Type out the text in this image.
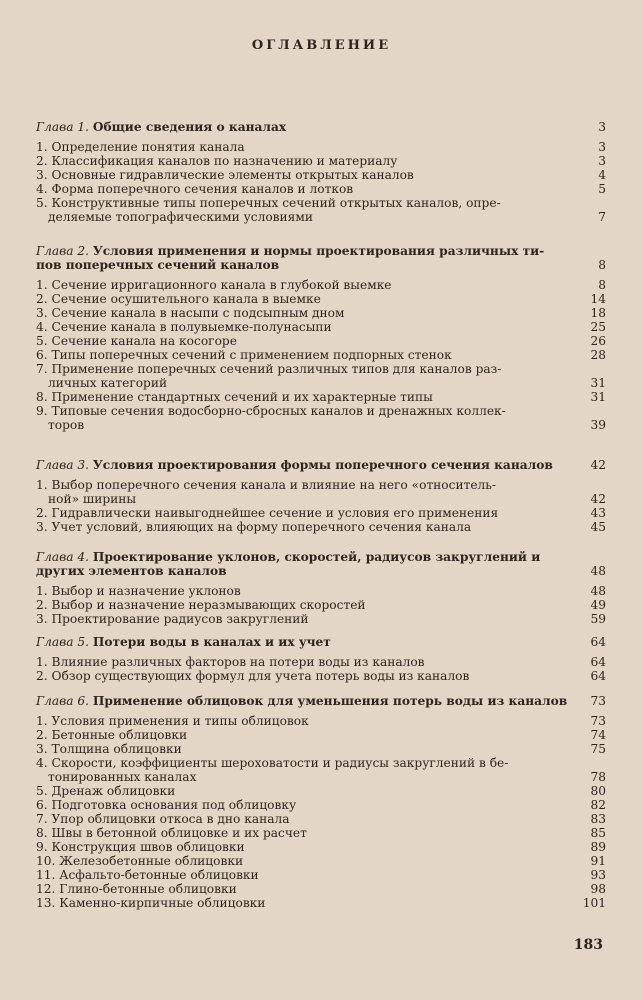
ОГЛАВЛЕНИЕ
Глава 1. Общие сведения о каналах	3
1. Определение понятия канала	3
2. Классификация каналов по назначению и материалу	3
3. Основные гидравлические элементы открытых каналов	4
4. Форма поперечного сечения каналов и лотков	5
5. Конструктивные типы поперечных сечений открытых каналов, опре-
деляемые топографическими условиями	7
Глава 2. Условия применения и нормы проектирования различных ти-
пов поперечных сечений каналов	8
1. Сечение ирригационного канала в глубокой выемке	8
2. Сечение осушительного канала в выемке	14
3. Сечение канала в насыпи с подсыпным дном	18
4. Сечение канала в полувыемке-полунасыпи	25
5. Сечение канала на косогоре	26
6. Типы поперечных сечений с применением подпорных стенок	28
7. Применение поперечных сечений различных типов для каналов раз-
личных категорий	31
8. Применение стандартных сечений и их характерные типы	31
9. Типовые сечения водосборно-сбросных каналов и дренажных коллек-
торов	39
Глава 3. Условия проектирования формы поперечного сечения каналов	42
1. Выбор поперечного сечения канала и влияние на него «относитель-
ной» ширины	42
2. Гидравлически наивыгоднейшее сечение и условия его применения	43
3. Учет условий, влияющих на форму поперечного сечения канала	45
Глава 4. Проектирование уклонов, скоростей, радиусов закруглений и
других элементов каналов	48
1. Выбор и назначение уклонов	48
2. Выбор и назначение неразмывающих скоростей	49
3. Проектирование радиусов закруглений	59
Глава 5. Потери воды в каналах и их учет	64
1. Влияние различных факторов на потери воды из каналов	64
2. Обзор существующих формул для учета потерь воды из каналов	64
Глава 6. Применение облицовок для уменьшения потерь воды из каналов 73
1. Условия применения и типы облицовок	73
2. Бетонные облицовки	74
3. Толщина облицовки	75
4. Скорости, коэффициенты шероховатости и радиусы закруглений в бе-
тонированных каналах	78
5. Дренаж облицовки	80
6. Подготовка основания под облицовку	82
7. Упор облицовки откоса в дно канала	83
8. Швы в бетонной облицовке и их расчет	85
9. Конструкция швов облицовки	89
10. Железобетонные облицовки	91
11. Асфальто-бетонные облицовки	93
12. Глино-бетонные облицовки	98
13. Каменно-кирпичные облицовки	101
183
